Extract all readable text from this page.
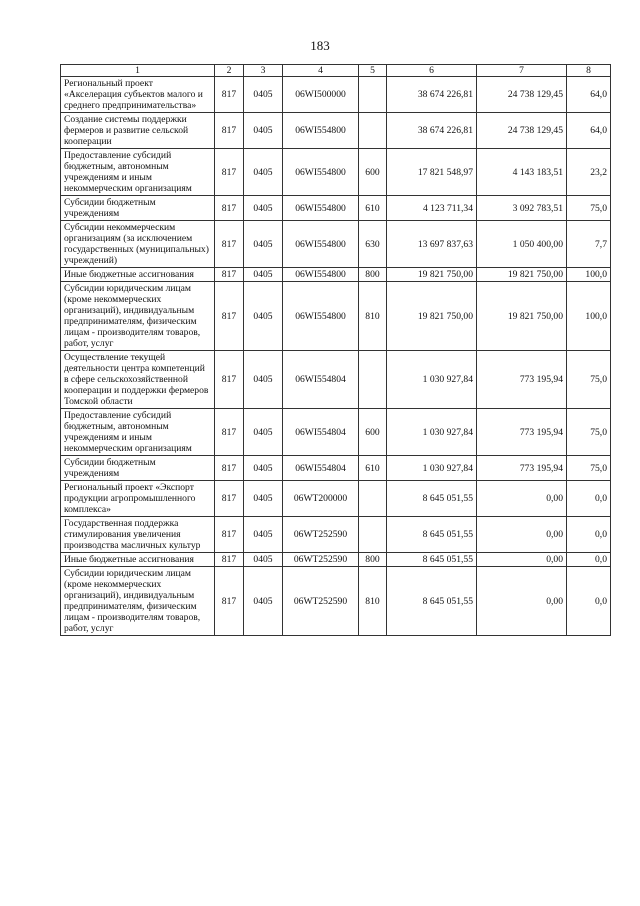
183
1	2	3	4	5	6	7	8
Региональный проект «Акселерация субъектов малого и среднего предпринимательства»	817	0405	06WI500000		38 674 226,81	24 738 129,45	64,0
Создание системы поддержки фермеров и развитие сельской кооперации	817	0405	06WI554800		38 674 226,81	24 738 129,45	64,0
Предоставление субсидий бюджетным, автономным учреждениям и иным некоммерческим организациям	817	0405	06WI554800	600	17 821 548,97	4 143 183,51	23,2
Субсидии бюджетным учреждениям	817	0405	06WI554800	610	4 123 711,34	3 092 783,51	75,0
Субсидии некоммерческим организациям (за исключением государственных (муниципальных) учреждений)	817	0405	06WI554800	630	13 697 837,63	1 050 400,00	7,7
Иные бюджетные ассигнования	817	0405	06WI554800	800	19 821 750,00	19 821 750,00	100,0
Субсидии юридическим лицам (кроме некоммерческих организаций), индивидуальным предпринимателям, физическим лицам - производителям товаров, работ, услуг	817	0405	06WI554800	810	19 821 750,00	19 821 750,00	100,0
Осуществление текущей деятельности центра компетенций в сфере сельскохозяйственной кооперации и поддержки фермеров Томской области	817	0405	06WI554804		1 030 927,84	773 195,94	75,0
Предоставление субсидий бюджетным, автономным учреждениям и иным некоммерческим организациям	817	0405	06WI554804	600	1 030 927,84	773 195,94	75,0
Субсидии бюджетным учреждениям	817	0405	06WI554804	610	1 030 927,84	773 195,94	75,0
Региональный проект «Экспорт продукции агропромышленного комплекса»	817	0405	06WT200000		8 645 051,55	0,00	0,0
Государственная поддержка стимулирования увеличения производства масличных культур	817	0405	06WT252590		8 645 051,55	0,00	0,0
Иные бюджетные ассигнования	817	0405	06WT252590	800	8 645 051,55	0,00	0,0
Субсидии юридическим лицам (кроме некоммерческих организаций), индивидуальным предпринимателям, физическим лицам - производителям товаров, работ, услуг	817	0405	06WT252590	810	8 645 051,55	0,00	0,0
